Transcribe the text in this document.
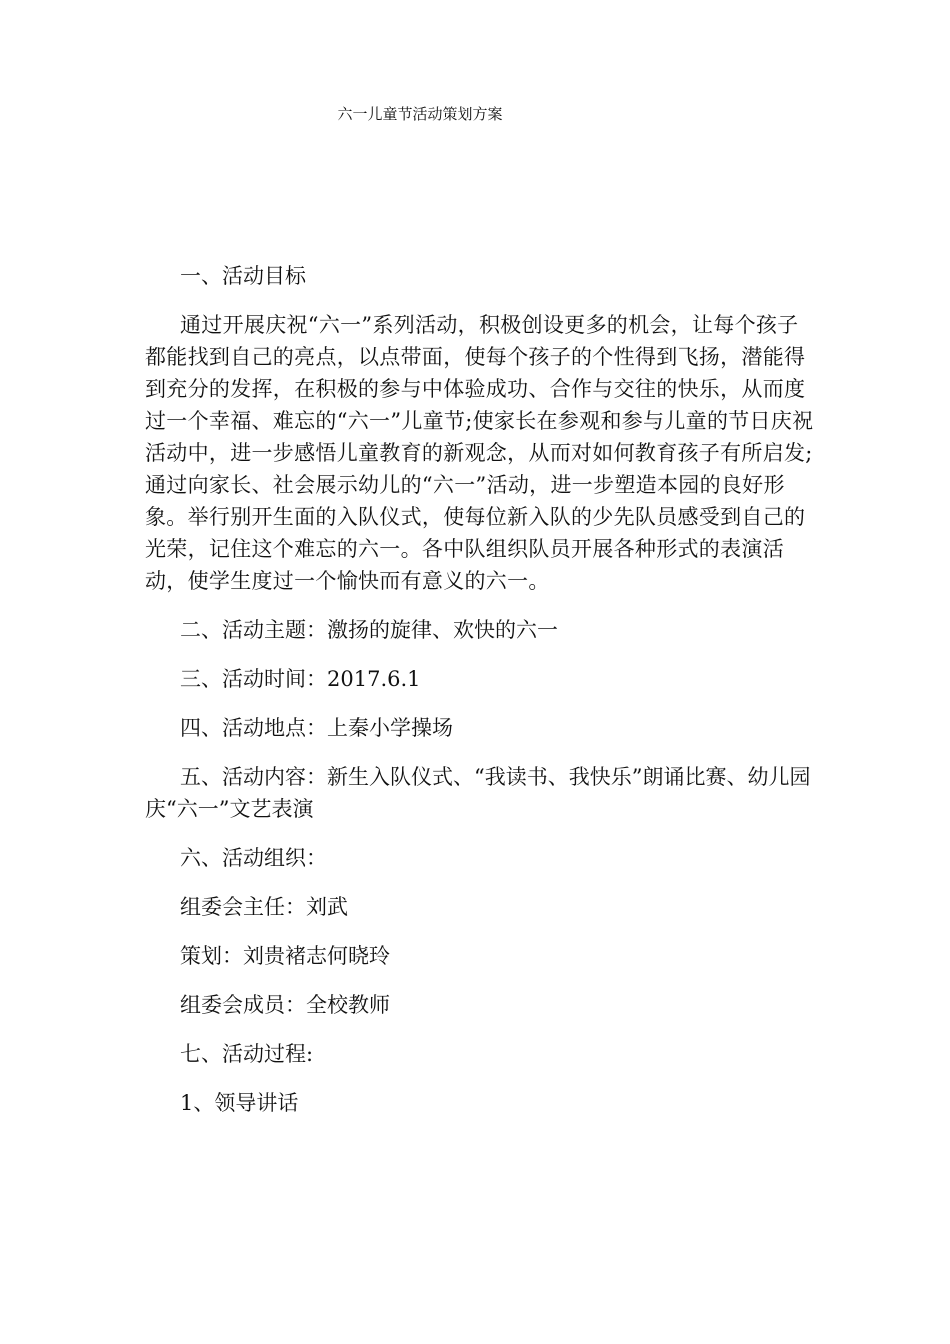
六一儿童节活动策划方案

一、活动目标

通过开展庆祝“六一”系列活动，积极创设更多的机会，让每个孩子都能找到自己的亮点，以点带面，使每个孩子的个性得到飞扬，潜能得到充分的发挥，在积极的参与中体验成功、合作与交往的快乐，从而度过一个幸福、难忘的“六一”儿童节;使家长在参观和参与儿童的节日庆祝活动中，进一步感悟儿童教育的新观念，从而对如何教育孩子有所启发;通过向家长、社会展示幼儿的“六一”活动，进一步塑造本园的良好形象。举行别开生面的入队仪式，使每位新入队的少先队员感受到自己的光荣，记住这个难忘的六一。各中队组织队员开展各种形式的表演活动，使学生度过一个愉快而有意义的六一。

二、活动主题：激扬的旋律、欢快的六一

三、活动时间：2017.6.1

四、活动地点：上秦小学操场

五、活动内容：新生入队仪式、“我读书、我快乐”朗诵比赛、幼儿园庆“六一”文艺表演

六、活动组织：

组委会主任：刘武

策划：刘贵褚志何晓玲

组委会成员：全校教师

七、活动过程:

1、领导讲话
